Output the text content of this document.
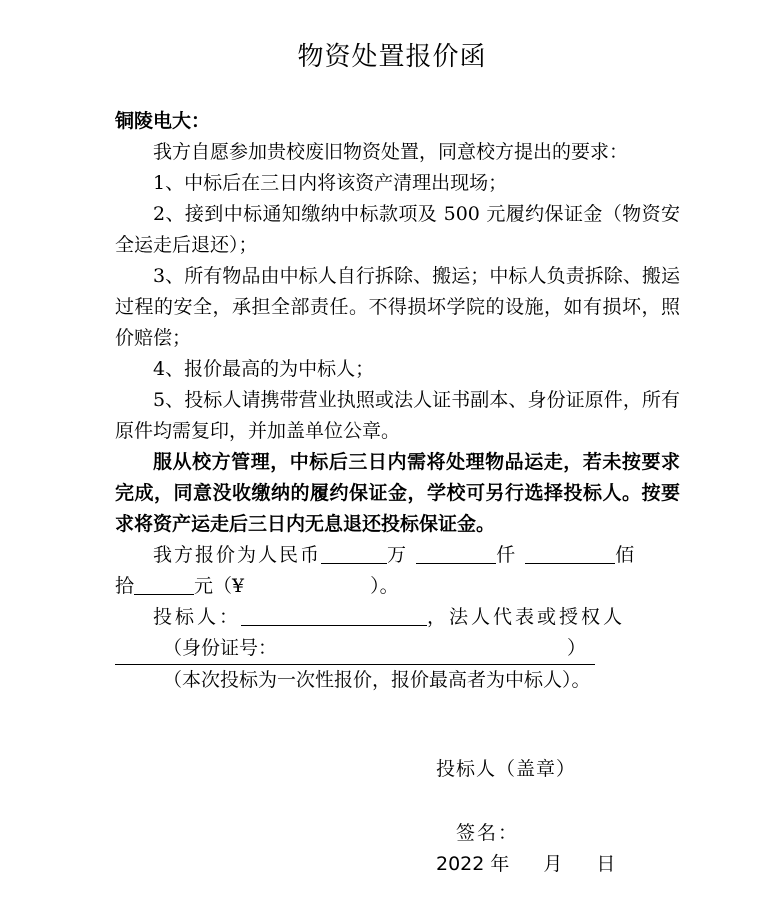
物资处置报价函

铜陵电大：

我方自愿参加贵校废旧物资处置，同意校方提出的要求：

1、中标后在三日内将该资产清理出现场；

2、接到中标通知缴纳中标款项及 500 元履约保证金（物资安全运走后退还）；

3、所有物品由中标人自行拆除、搬运；中标人负责拆除、搬运过程的安全，承担全部责任。不得损坏学院的设施，如有损坏，照价赔偿；

4、报价最高的为中标人；

5、投标人请携带营业执照或法人证书副本、身份证原件，所有原件均需复印，并加盖单位公章。

服从校方管理，中标后三日内需将处理物品运走，若未按要求完成，同意没收缴纳的履约保证金，学校可另行选择投标人。按要求将资产运走后三日内无息退还投标保证金。

我方报价为人民币	万	仟	佰

拾	元（¥	）。

投标人：	，法人代表或授权人

（身份证号：	）

（本次投标为一次性报价，报价最高者为中标人）。

投标人（盖章）
签名：
2022 年 月 日
